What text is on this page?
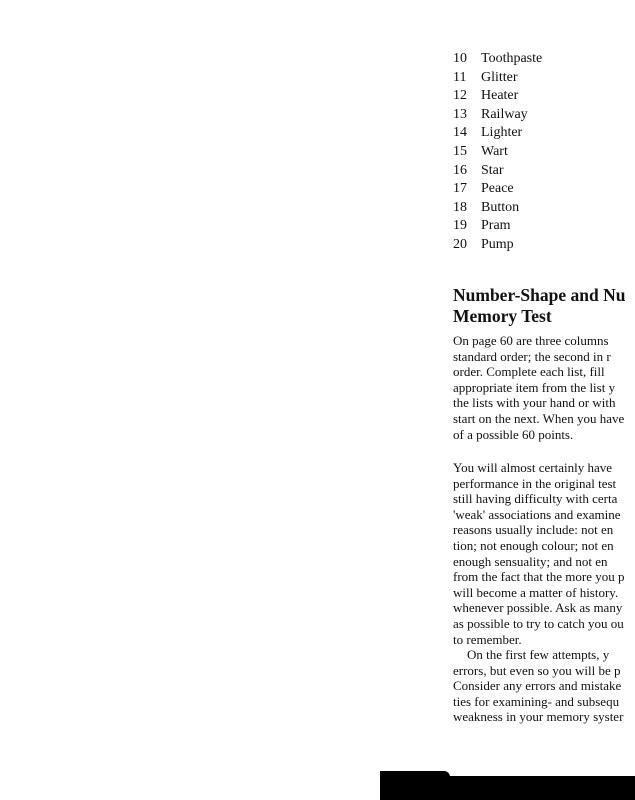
10 Toothpaste
11 Glitter
12 Heater
13 Railway
14 Lighter
15 Wart
16 Star
17 Peace
18 Button
19 Pram
20 Pump
Number-Shape and Nu
Memory Test
On page 60 are three columns
standard order; the second in r
order. Complete each list, fill
appropriate item from the list y
the lists with your hand or with
start on the next. When you have
of a possible 60 points.
You will almost certainly have
performance in the original test
still having difficulty with certa
'weak' associations and examine
reasons usually include: not en
tion; not enough colour; not en
enough sensuality; and not en
from the fact that the more you p
will become a matter of history.
whenever possible. Ask as many
as possible to try to catch you ou
to remember.
On the first few attempts, y
errors, but even so you will be p
Consider any errors and mistake
ties for examining- and subsequ
weakness in your memory syster
